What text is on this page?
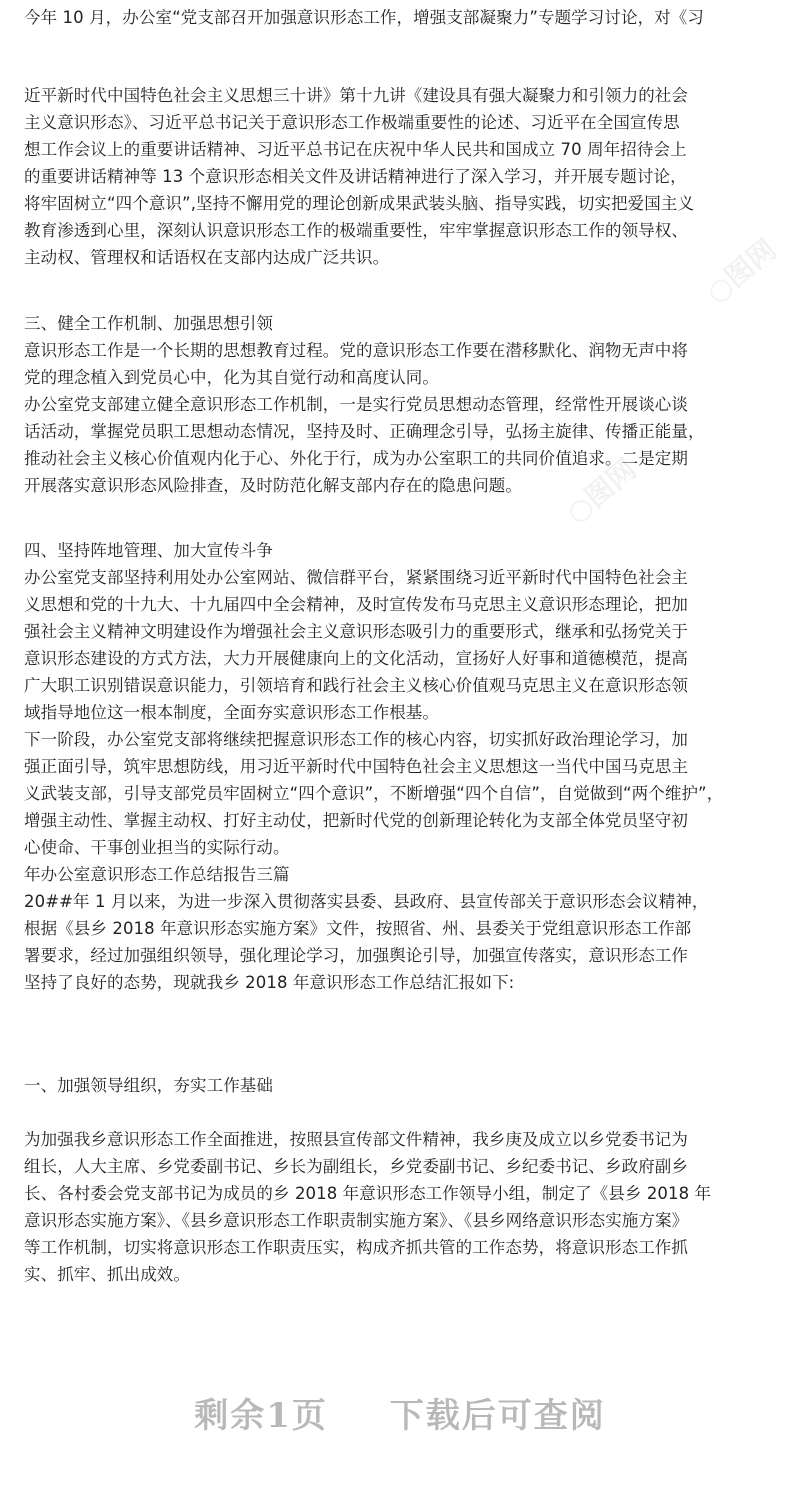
○图网
○图网

今年 10 月，办公室“党支部召开加强意识形态工作，增强支部凝聚力”专题学习讨论，对《习

近平新时代中国特色社会主义思想三十讲》第十九讲《建设具有强大凝聚力和引领力的社会
主义意识形态》、习近平总书记关于意识形态工作极端重要性的论述、习近平在全国宣传思
想工作会议上的重要讲话精神、习近平总书记在庆祝中华人民共和国成立 70 周年招待会上
的重要讲话精神等 13 个意识形态相关文件及讲话精神进行了深入学习，并开展专题讨论，
将牢固树立“四个意识”,坚持不懈用党的理论创新成果武装头脑、指导实践，切实把爱国主义
教育渗透到心里，深刻认识意识形态工作的极端重要性，牢牢掌握意识形态工作的领导权、
主动权、管理权和话语权在支部内达成广泛共识。

三、健全工作机制、加强思想引领
意识形态工作是一个长期的思想教育过程。党的意识形态工作要在潜移默化、润物无声中将
党的理念植入到党员心中，化为其自觉行动和高度认同。
办公室党支部建立健全意识形态工作机制，一是实行党员思想动态管理，经常性开展谈心谈
话活动，掌握党员职工思想动态情况，坚持及时、正确理念引导，弘扬主旋律、传播正能量，
推动社会主义核心价值观内化于心、外化于行，成为办公室职工的共同价值追求。二是定期
开展落实意识形态风险排查，及时防范化解支部内存在的隐患问题。

四、坚持阵地管理、加大宣传斗争
办公室党支部坚持利用处办公室网站、微信群平台，紧紧围绕习近平新时代中国特色社会主
义思想和党的十九大、十九届四中全会精神，及时宣传发布马克思主义意识形态理论，把加
强社会主义精神文明建设作为增强社会主义意识形态吸引力的重要形式，继承和弘扬党关于
意识形态建设的方式方法，大力开展健康向上的文化活动，宣扬好人好事和道德模范，提高
广大职工识别错误意识能力，引领培育和践行社会主义核心价值观马克思主义在意识形态领
域指导地位这一根本制度，全面夯实意识形态工作根基。
下一阶段，办公室党支部将继续把握意识形态工作的核心内容，切实抓好政治理论学习，加
强正面引导，筑牢思想防线，用习近平新时代中国特色社会主义思想这一当代中国马克思主
义武装支部，引导支部党员牢固树立“四个意识”，不断增强“四个自信”，自觉做到“两个维护”，
增强主动性、掌握主动权、打好主动仗，把新时代党的创新理论转化为支部全体党员坚守初
心使命、干事创业担当的实际行动。
年办公室意识形态工作总结报告三篇
20##年 1 月以来，为进一步深入贯彻落实县委、县政府、县宣传部关于意识形态会议精神，
根据《县乡 2018 年意识形态实施方案》文件，按照省、州、县委关于党组意识形态工作部
署要求，经过加强组织领导，强化理论学习，加强舆论引导，加强宣传落实，意识形态工作
坚持了良好的态势，现就我乡 2018 年意识形态工作总结汇报如下:

一、加强领导组织，夯实工作基础

为加强我乡意识形态工作全面推进，按照县宣传部文件精神，我乡庚及成立以乡党委书记为
组长，人大主席、乡党委副书记、乡长为副组长，乡党委副书记、乡纪委书记、乡政府副乡
长、各村委会党支部书记为成员的乡 2018 年意识形态工作领导小组，制定了《县乡 2018 年
意识形态实施方案》、《县乡意识形态工作职责制实施方案》、《县乡网络意识形态实施方案》
等工作机制，切实将意识形态工作职责压实，构成齐抓共管的工作态势，将意识形态工作抓
实、抓牢、抓出成效。

剩余1页 下载后可查阅
